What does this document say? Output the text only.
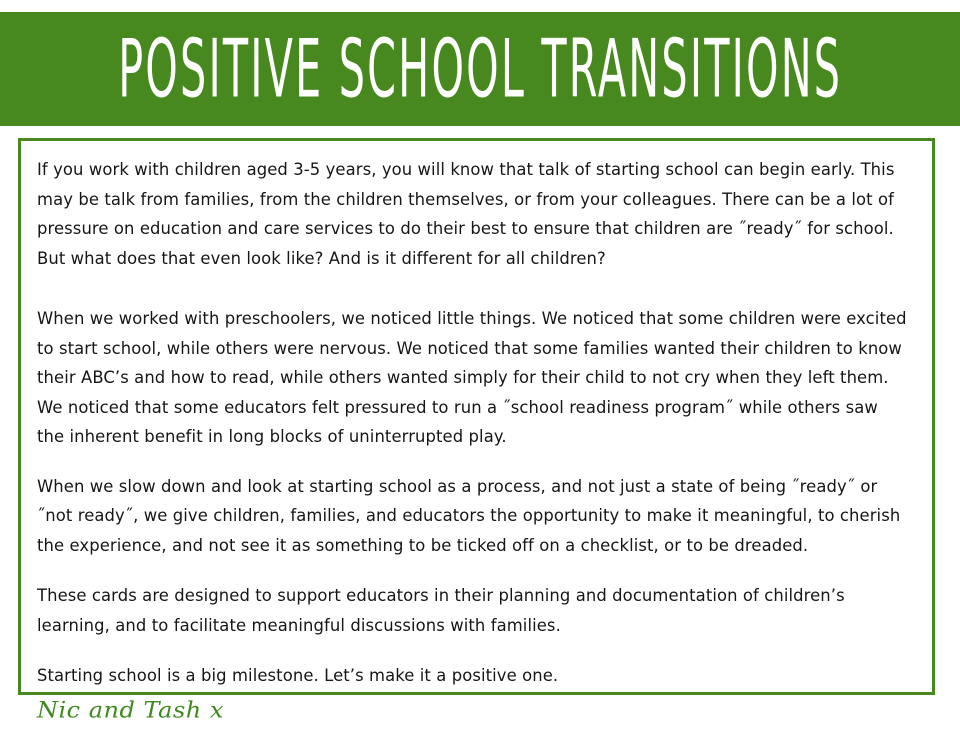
POSITIVE SCHOOL TRANSITIONS

If you work with children aged 3-5 years, you will know that talk of starting school can begin early. This may be talk from families, from the children themselves, or from your colleagues. There can be a lot of pressure on education and care services to do their best to ensure that children are ˝ready˝ for school. But what does that even look like? And is it different for all children?

When we worked with preschoolers, we noticed little things. We noticed that some children were excited to start school, while others were nervous. We noticed that some families wanted their children to know their ABC’s and how to read, while others wanted simply for their child to not cry when they left them. We noticed that some educators felt pressured to run a ˝school readiness program˝ while others saw the inherent benefit in long blocks of uninterrupted play.

When we slow down and look at starting school as a process, and not just a state of being ˝ready˝ or ˝not ready˝, we give children, families, and educators the opportunity to make it meaningful, to cherish the experience, and not see it as something to be ticked off on a checklist, or to be dreaded.

These cards are designed to support educators in their planning and documentation of children’s learning, and to facilitate meaningful discussions with families.

Starting school is a big milestone. Let’s make it a positive one.

Nic and Tash x
